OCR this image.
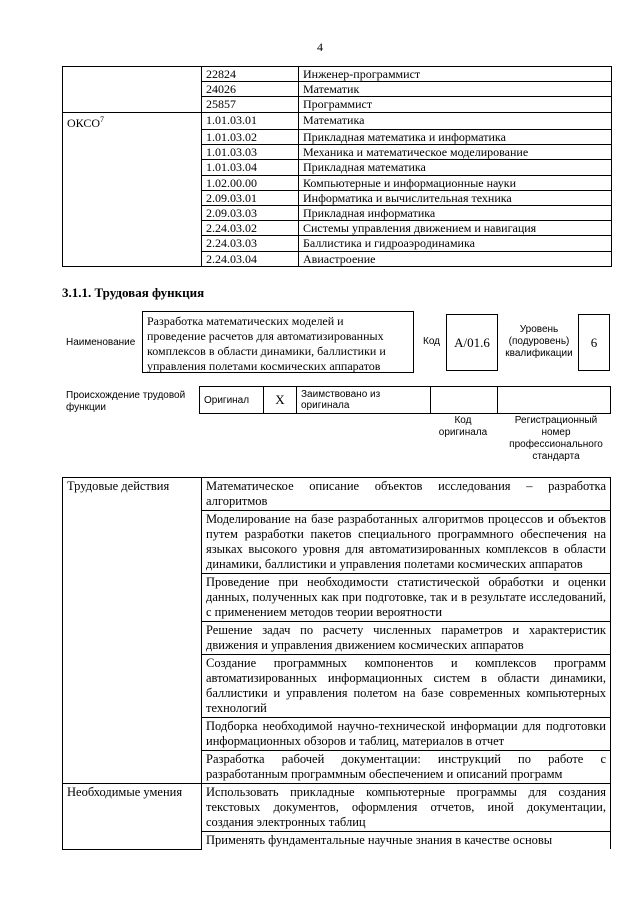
4
	22824	Инженер-программист
	24026	Математик
	25857	Программист
ОКСО$^7$	1.01.03.01	Математика
	1.01.03.02	Прикладная математика и информатика
	1.01.03.03	Механика и математическое моделирование
	1.01.03.04	Прикладная математика
	1.02.00.00	Компьютерные и информационные науки
	2.09.03.01	Информатика и вычислительная техника
	2.09.03.03	Прикладная информатика
	2.24.03.02	Системы управления движением и навигация
	2.24.03.03	Баллистика и гидроаэродинамика
	2.24.03.04	Авиастроение
3.1.1. Трудовая функция
Наименование
Разработка математических моделей и
проведение расчетов для автоматизированных
комплексов в области динамики, баллистики и
управления полетами космических аппаратов
Код A/01.6
Уровень
(подуровень)
квалификации
6
Происхождение трудовой
функции
Оригинал	X	Заимствовано из
оригинала

Код
оригинала
Регистрационный
номер
профессионального
стандарта
Трудовые действия	Математическое описание объектов исследования – разработка алгоритмов
	Моделирование на базе разработанных алгоритмов процессов и объектов путем разработки пакетов специального программного обеспечения на языках высокого уровня для автоматизированных комплексов в области динамики, баллистики и управления полетами космических аппаратов
	Проведение при необходимости статистической обработки и оценки данных, полученных как при подготовке, так и в результате исследований, с применением методов теории вероятности
	Решение задач по расчету численных параметров и характеристик движения и управления движением космических аппаратов
	Создание программных компонентов и комплексов программ автоматизированных информационных систем в области динамики, баллистики и управления полетом на базе современных компьютерных технологий
	Подборка необходимой научно-технической информации для подготовки информационных обзоров и таблиц, материалов в отчет
	Разработка рабочей документации: инструкций по работе с разработанным программным обеспечением и описаний программ
Необходимые умения	Использовать прикладные компьютерные программы для создания текстовых документов, оформления отчетов, иной документации, создания электронных таблиц
	Применять фундаментальные научные знания в качестве основы
